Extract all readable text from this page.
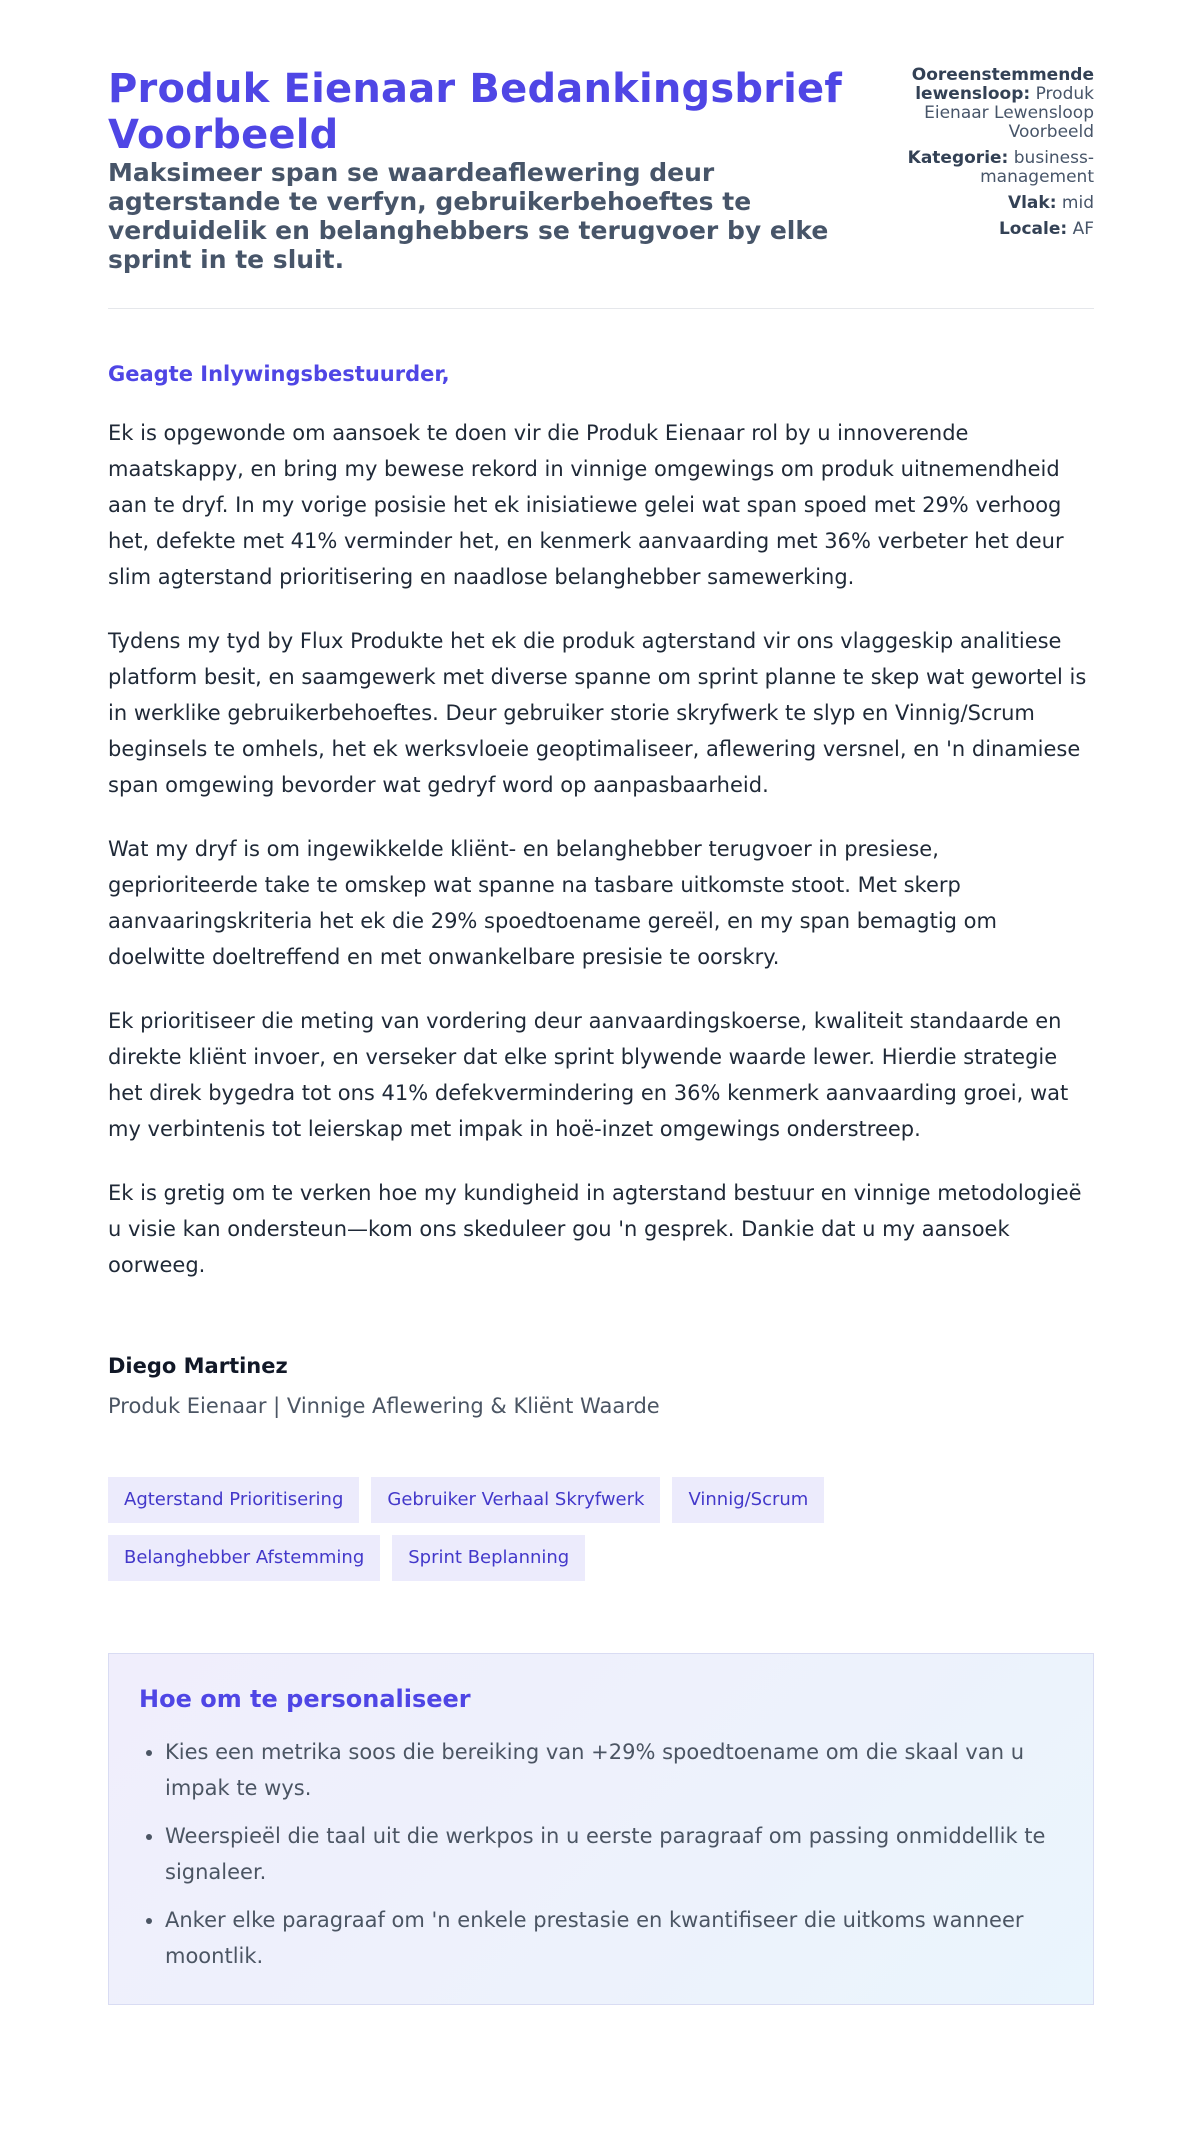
Produk Eienaar Bedankingsbrief Voorbeeld
Maksimeer span se waardeaflewering deur agterstande te verfyn, gebruikerbehoeftes te verduidelik en belanghebbers se terugvoer by elke sprint in te sluit.
Ooreenstemmende lewensloop: Produk Eienaar Lewensloop Voorbeeld
Kategorie: business-management
Vlak: mid
Locale: AF
Geagte Inlywingsbestuurder,

Ek is opgewonde om aansoek te doen vir die Produk Eienaar rol by u innoverende maatskappy, en bring my bewese rekord in vinnige omgewings om produk uitnemendheid aan te dryf. In my vorige posisie het ek inisiatiewe gelei wat span spoed met 29% verhoog het, defekte met 41% verminder het, en kenmerk aanvaarding met 36% verbeter het deur slim agterstand prioritisering en naadlose belanghebber samewerking.

Tydens my tyd by Flux Produkte het ek die produk agterstand vir ons vlaggeskip analitiese platform besit, en saamgewerk met diverse spanne om sprint planne te skep wat gewortel is in werklike gebruikerbehoeftes. Deur gebruiker storie skryfwerk te slyp en Vinnig/Scrum beginsels te omhels, het ek werksvloeie geoptimaliseer, aflewering versnel, en 'n dinamiese span omgewing bevorder wat gedryf word op aanpasbaarheid.

Wat my dryf is om ingewikkelde kliënt- en belanghebber terugvoer in presiese, geprioriteerde take te omskep wat spanne na tasbare uitkomste stoot. Met skerp aanvaaringskriteria het ek die 29% spoedtoename gereël, en my span bemagtig om doelwitte doeltreffend en met onwankelbare presisie te oorskry.

Ek prioritiseer die meting van vordering deur aanvaardingskoerse, kwaliteit standaarde en direkte kliënt invoer, en verseker dat elke sprint blywende waarde lewer. Hierdie strategie het direk bygedra tot ons 41% defekvermindering en 36% kenmerk aanvaarding groei, wat my verbintenis tot leierskap met impak in hoë-inzet omgewings onderstreep.

Ek is gretig om te verken hoe my kundigheid in agterstand bestuur en vinnige metodologieë u visie kan ondersteun—kom ons skeduleer gou 'n gesprek. Dankie dat u my aansoek oorweeg.

Diego Martinez
Produk Eienaar | Vinnige Aflewering & Kliënt Waarde
Agterstand Prioritisering	Gebruiker Verhaal Skryfwerk	Vinnig/Scrum
Belanghebber Afstemming	Sprint Beplanning
Hoe om te personaliseer
• Kies een metrika soos die bereiking van +29% spoedtoename om die skaal van u impak te wys.
• Weerspieël die taal uit die werkpos in u eerste paragraaf om passing onmiddellik te signaleer.
• Anker elke paragraaf om 'n enkele prestasie en kwantifiseer die uitkoms wanneer moontlik.
